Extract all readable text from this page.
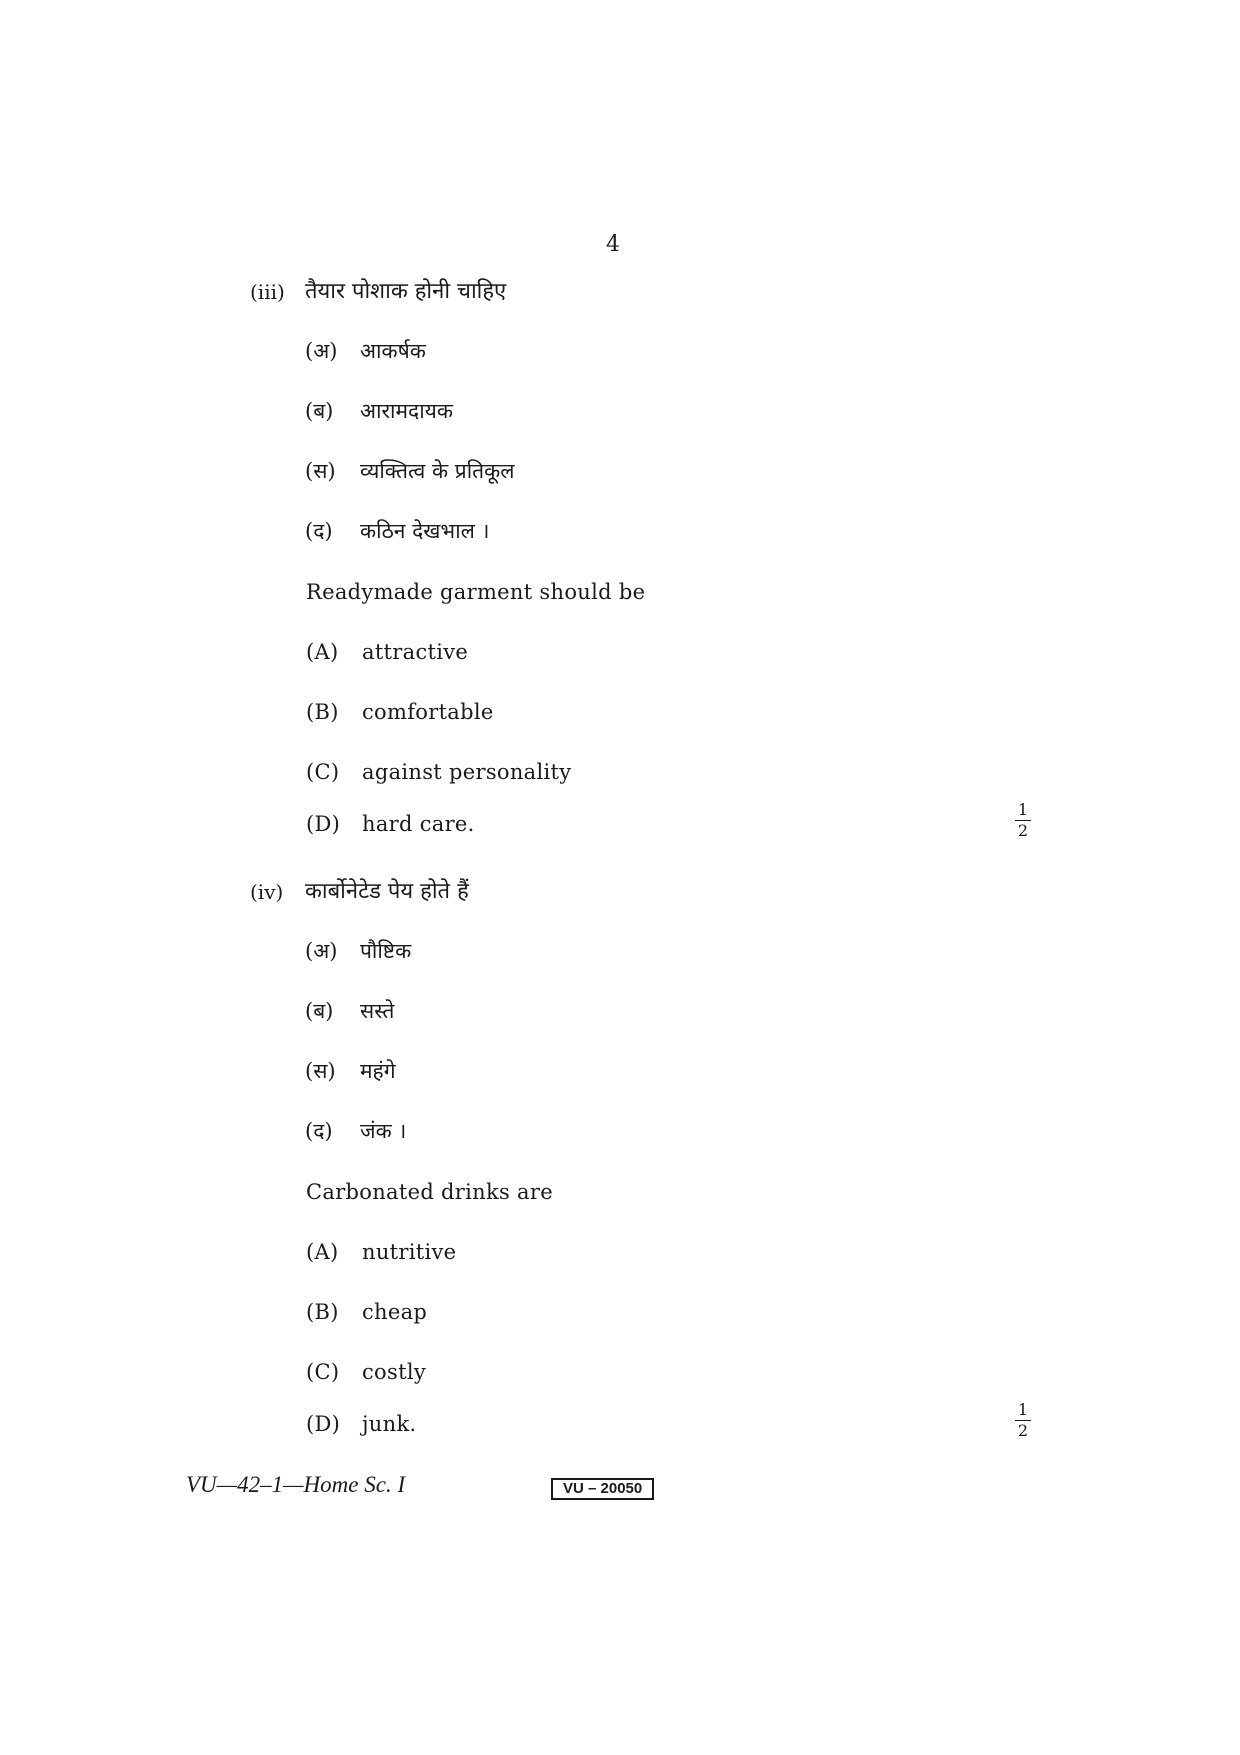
4
(iii) तैयार पोशाक होनी चाहिए
(अ) आकर्षक
(ब) आरामदायक
(स) व्यक्तित्व के प्रतिकूल
(द) कठिन देखभाल ।
Readymade garment should be
(A) attractive
(B) comfortable
(C) against personality
(D) hard care.
1
2
(iv) कार्बोनेटेड पेय होते हैं
(अ) पौष्टिक
(ब) सस्ते
(स) महंगे
(द) जंक ।
Carbonated drinks are
(A) nutritive
(B) cheap
(C) costly
(D) junk.
1
2
VU—42–1—Home Sc. I	VU – 20050
